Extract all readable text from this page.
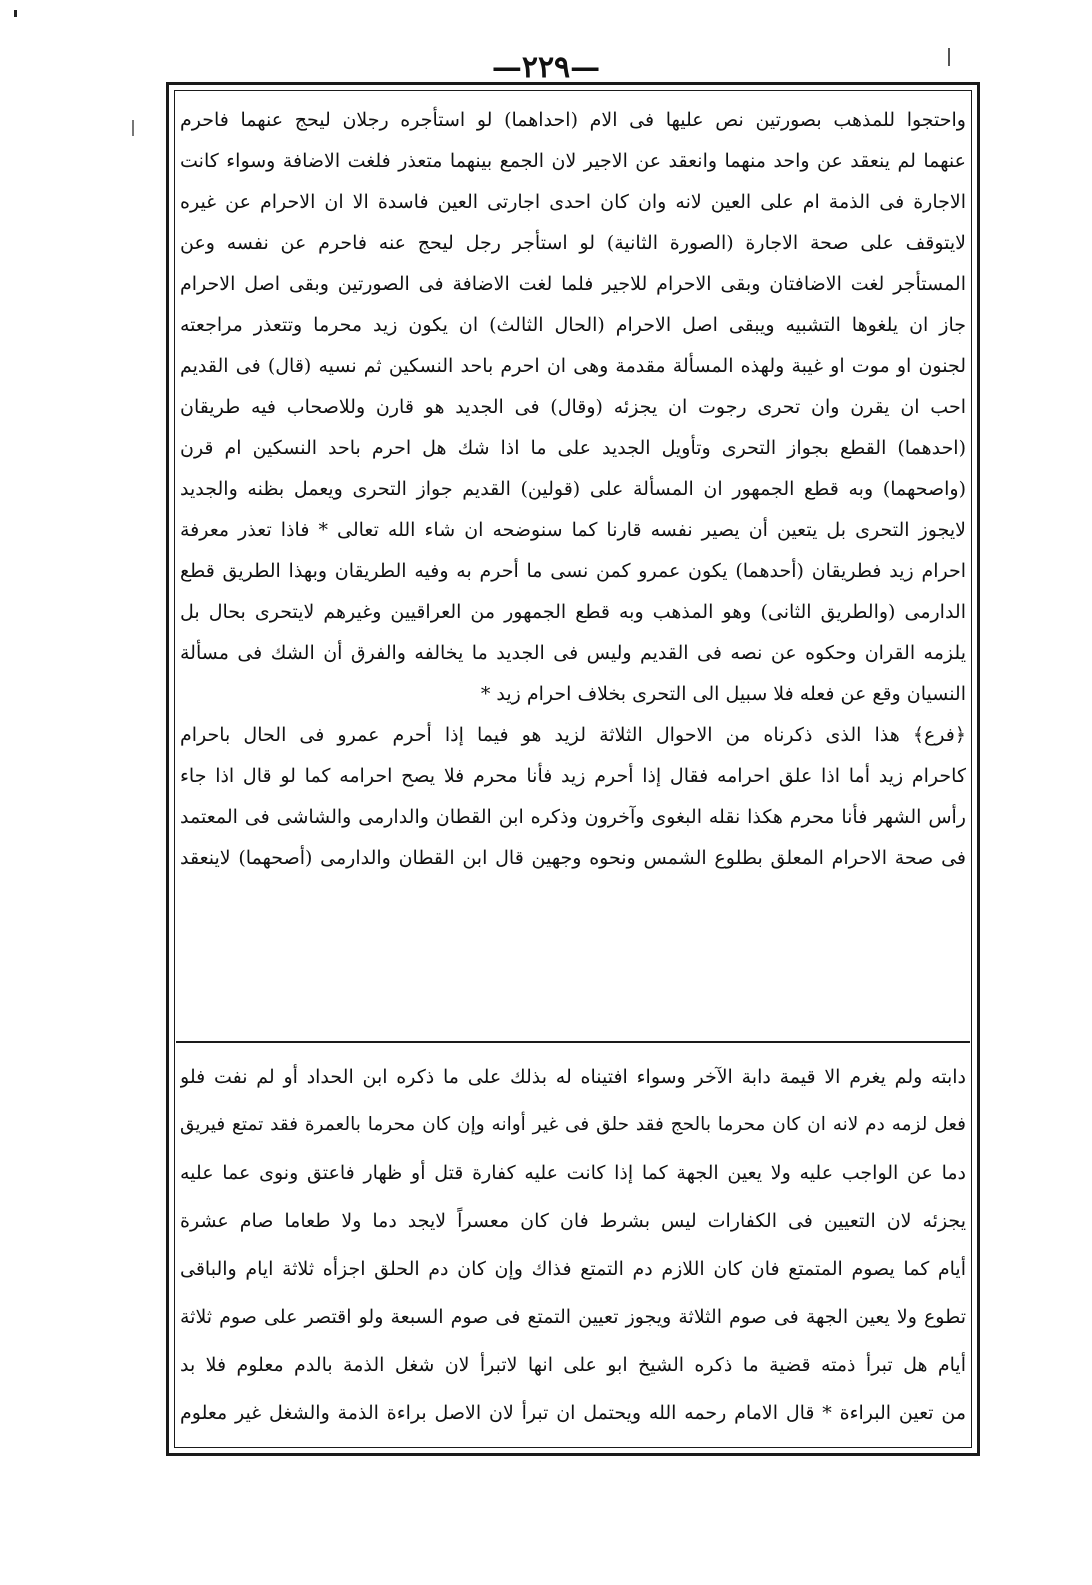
—٢٢٩—
واحتجوا للمذهب بصورتين نص عليها فى الام (احداهما) لو استأجره رجلان ليحج عنهما فاحرم
عنهما لم ينعقد عن واحد منهما وانعقد عن الاجير لان الجمع بينهما متعذر فلغت الاضافة وسواء كانت
الاجارة فى الذمة ام على العين لانه وان كان احدى اجارتى العين فاسدة الا ان الاحرام عن غيره
لايتوقف على صحة الاجارة (الصورة الثانية) لو استأجر رجل ليحج عنه فاحرم عن نفسه وعن
المستأجر لغت الاضافتان وبقى الاحرام للاجير فلما لغت الاضافة فى الصورتين وبقى اصل الاحرام
جاز ان يلغوها التشبيه ويبقى اصل الاحرام (الحال الثالث) ان يكون زيد محرما وتتعذر مراجعته
لجنون او موت او غيبة ولهذه المسألة مقدمة وهى ان احرم باحد النسكين ثم نسيه (قال) فى القديم
احب ان يقرن وان تحرى رجوت ان يجزئه (وقال) فى الجديد هو قارن وللاصحاب فيه طريقان
(احدهما) القطع بجواز التحرى وتأويل الجديد على ما اذا شك هل احرم باحد النسكين ام قرن
(واصحهما) وبه قطع الجمهور ان المسألة على (قولين) القديم جواز التحرى ويعمل بظنه والجديد
لايجوز التحرى بل يتعين أن يصير نفسه قارنا كما سنوضحه ان شاء الله تعالى * فاذا تعذر معرفة
احرام زيد فطريقان (أحدهما) يكون عمرو كمن نسى ما أحرم به وفيه الطريقان وبهذا الطريق قطع
الدارمى (والطريق الثانى) وهو المذهب وبه قطع الجمهور من العراقيين وغيرهم لايتحرى بحال بل
يلزمه القران وحكوه عن نصه فى القديم وليس فى الجديد ما يخالفه والفرق أن الشك فى مسألة
النسيان وقع عن فعله فلا سبيل الى التحرى بخلاف احرام زيد *
﴿فرع﴾ هذا الذى ذكرناه من الاحوال الثلاثة لزيد هو فيما إذا أحرم عمرو فى الحال باحرام
كاحرام زيد أما اذا علق احرامه فقال إذا أحرم زيد فأنا محرم فلا يصح احرامه كما لو قال اذا جاء
رأس الشهر فأنا محرم هكذا نقله البغوى وآخرون وذكره ابن القطان والدارمى والشاشى فى المعتمد
فى صحة الاحرام المعلق بطلوع الشمس ونحوه وجهين قال ابن القطان والدارمى (أصحهما) لاينعقد
دابته ولم يغرم الا قيمة دابة الآخر وسواء افتيناه له بذلك على ما ذكره ابن الحداد أو لم نفت فلو
فعل لزمه دم لانه ان كان محرما بالحج فقد حلق فى غير أوانه وإن كان محرما بالعمرة فقد تمتع فيريق
دما عن الواجب عليه ولا يعين الجهة كما إذا كانت عليه كفارة قتل أو ظهار فاعتق ونوى عما عليه
يجزئه لان التعيين فى الكفارات ليس بشرط فان كان معسراً لايجد دما ولا طعاما صام عشرة
أيام كما يصوم المتمتع فان كان اللازم دم التمتع فذاك وإن كان دم الحلق اجزأه ثلاثة ايام والباقى
تطوع ولا يعين الجهة فى صوم الثلاثة ويجوز تعيين التمتع فى صوم السبعة ولو اقتصر على صوم ثلاثة
أيام هل تبرأ ذمته قضية ما ذكره الشيخ ابو على انها لاتبرأ لان شغل الذمة بالدم معلوم فلا بد
من تعين البراءة * قال الامام رحمه الله ويحتمل ان تبرأ لان الاصل براءة الذمة والشغل غير معلوم
